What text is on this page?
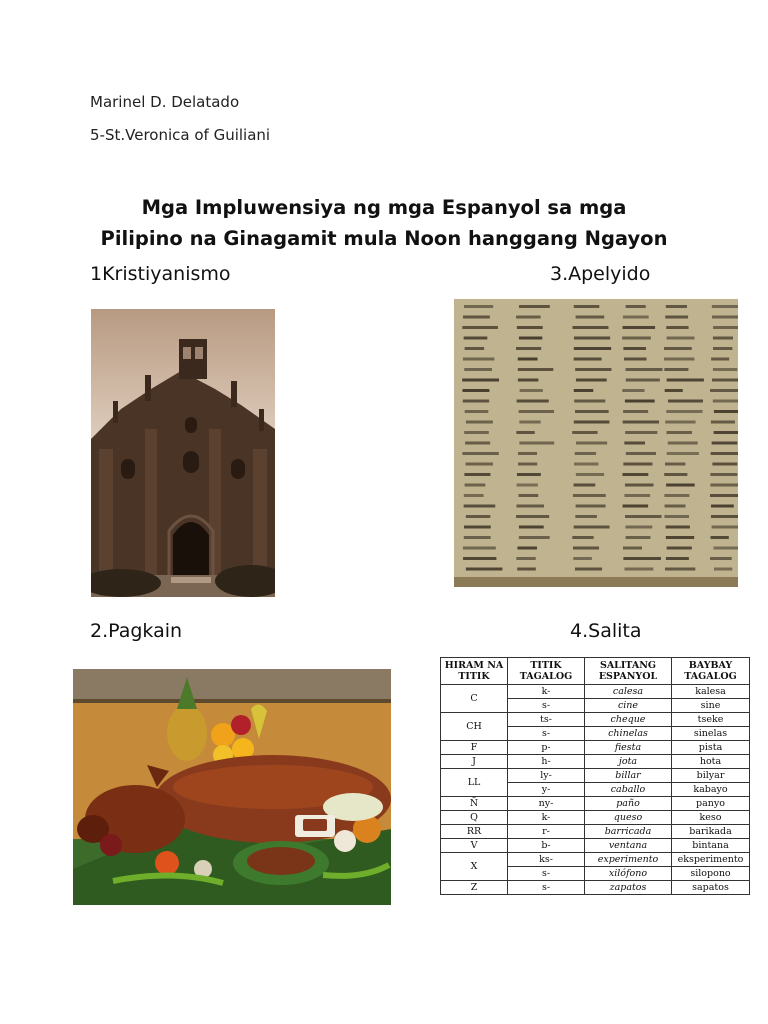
Marinel D. Delatado
5-St.Veronica of Guiliani
Mga Impluwensiya ng mga Espanyol sa mga
Pilipino na Ginagamit mula Noon hanggang Ngayon
1Kristiyanismo	3.Apelyido
2.Pagkain	4.Salita
HIRAM NA TITIK	TITIK TAGALOG	SALITANG ESPANYOL	BAYBAY TAGALOG
C	k-	calesa	kalesa
	s-	cine	sine
CH	ts-	cheque	tseke
	s-	chinelas	sinelas
F	p-	fiesta	pista
J	h-	jota	hota
LL	ly-	billar	bilyar
	y-	caballo	kabayo
Ñ	ny-	paño	panyo
Q	k-	queso	keso
RR	r-	barricada	barikada
V	b-	ventana	bintana
X	ks-	experimento	eksperimento
	s-	xilófono	silopono
Z	s-	zapatos	sapatos
